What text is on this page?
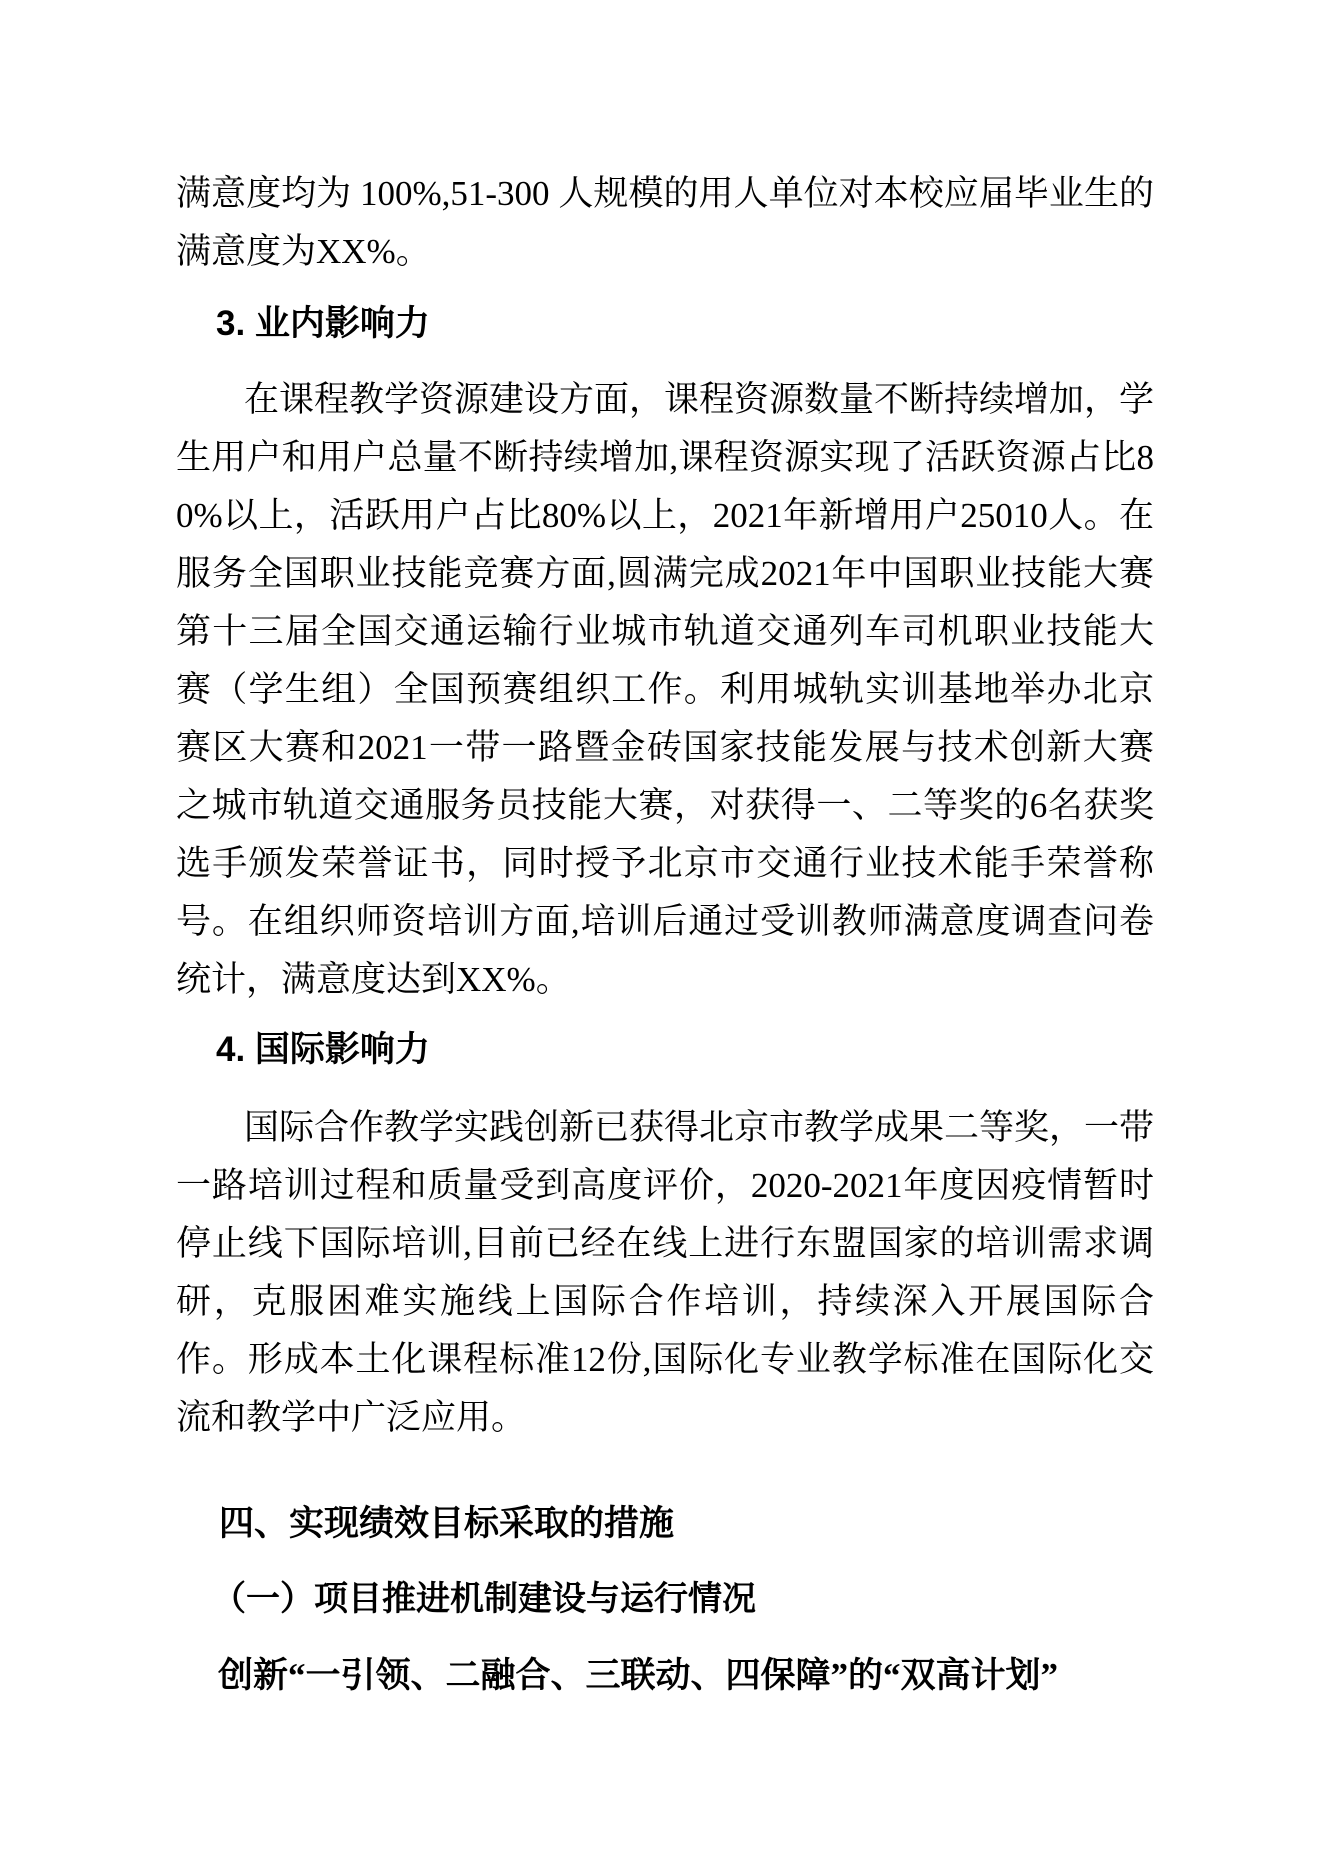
满意度均为 100%,51-300 人规模的用人单位对本校应届毕业生的满意度为XX%。

3. 业内影响力

在课程教学资源建设方面，课程资源数量不断持续增加，学生用户和用户总量不断持续增加,课程资源实现了活跃资源占比80%以上，活跃用户占比80%以上，2021年新增用户25010人。在服务全国职业技能竞赛方面,圆满完成2021年中国职业技能大赛第十三届全国交通运输行业城市轨道交通列车司机职业技能大赛（学生组）全国预赛组织工作。利用城轨实训基地举办北京赛区大赛和2021一带一路暨金砖国家技能发展与技术创新大赛之城市轨道交通服务员技能大赛，对获得一、二等奖的6名获奖选手颁发荣誉证书，同时授予北京市交通行业技术能手荣誉称号。在组织师资培训方面,培训后通过受训教师满意度调查问卷统计，满意度达到XX%。

4. 国际影响力

国际合作教学实践创新已获得北京市教学成果二等奖，一带一路培训过程和质量受到高度评价，2020-2021年度因疫情暂时停止线下国际培训,目前已经在线上进行东盟国家的培训需求调研，克服困难实施线上国际合作培训，持续深入开展国际合作。形成本土化课程标准12份,国际化专业教学标准在国际化交流和教学中广泛应用。

四、实现绩效目标采取的措施
（一）项目推进机制建设与运行情况

创新“一引领、二融合、三联动、四保障”的“双高计划”
